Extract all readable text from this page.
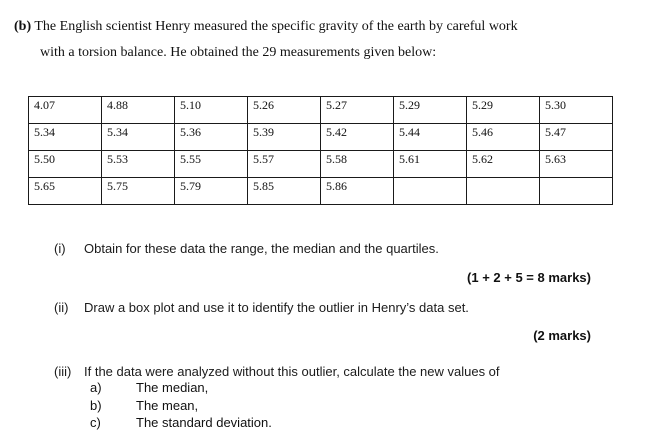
(b) The English scientist Henry measured the specific gravity of the earth by careful work
with a torsion balance. He obtained the 29 measurements given below:
4.07	4.88	5.10	5.26	5.27	5.29	5.29	5.30
5.34	5.34	5.36	5.39	5.42	5.44	5.46	5.47
5.50	5.53	5.55	5.57	5.58	5.61	5.62	5.63
5.65	5.75	5.79	5.85	5.86			
(i) Obtain for these data the range, the median and the quartiles.
(1 + 2 + 5 = 8 marks)
(ii) Draw a box plot and use it to identify the outlier in Henry’s data set.
(2 marks)
(iii) If the data were analyzed without this outlier, calculate the new values of
a)	The median,
b)	The mean,
c)	The standard deviation.
